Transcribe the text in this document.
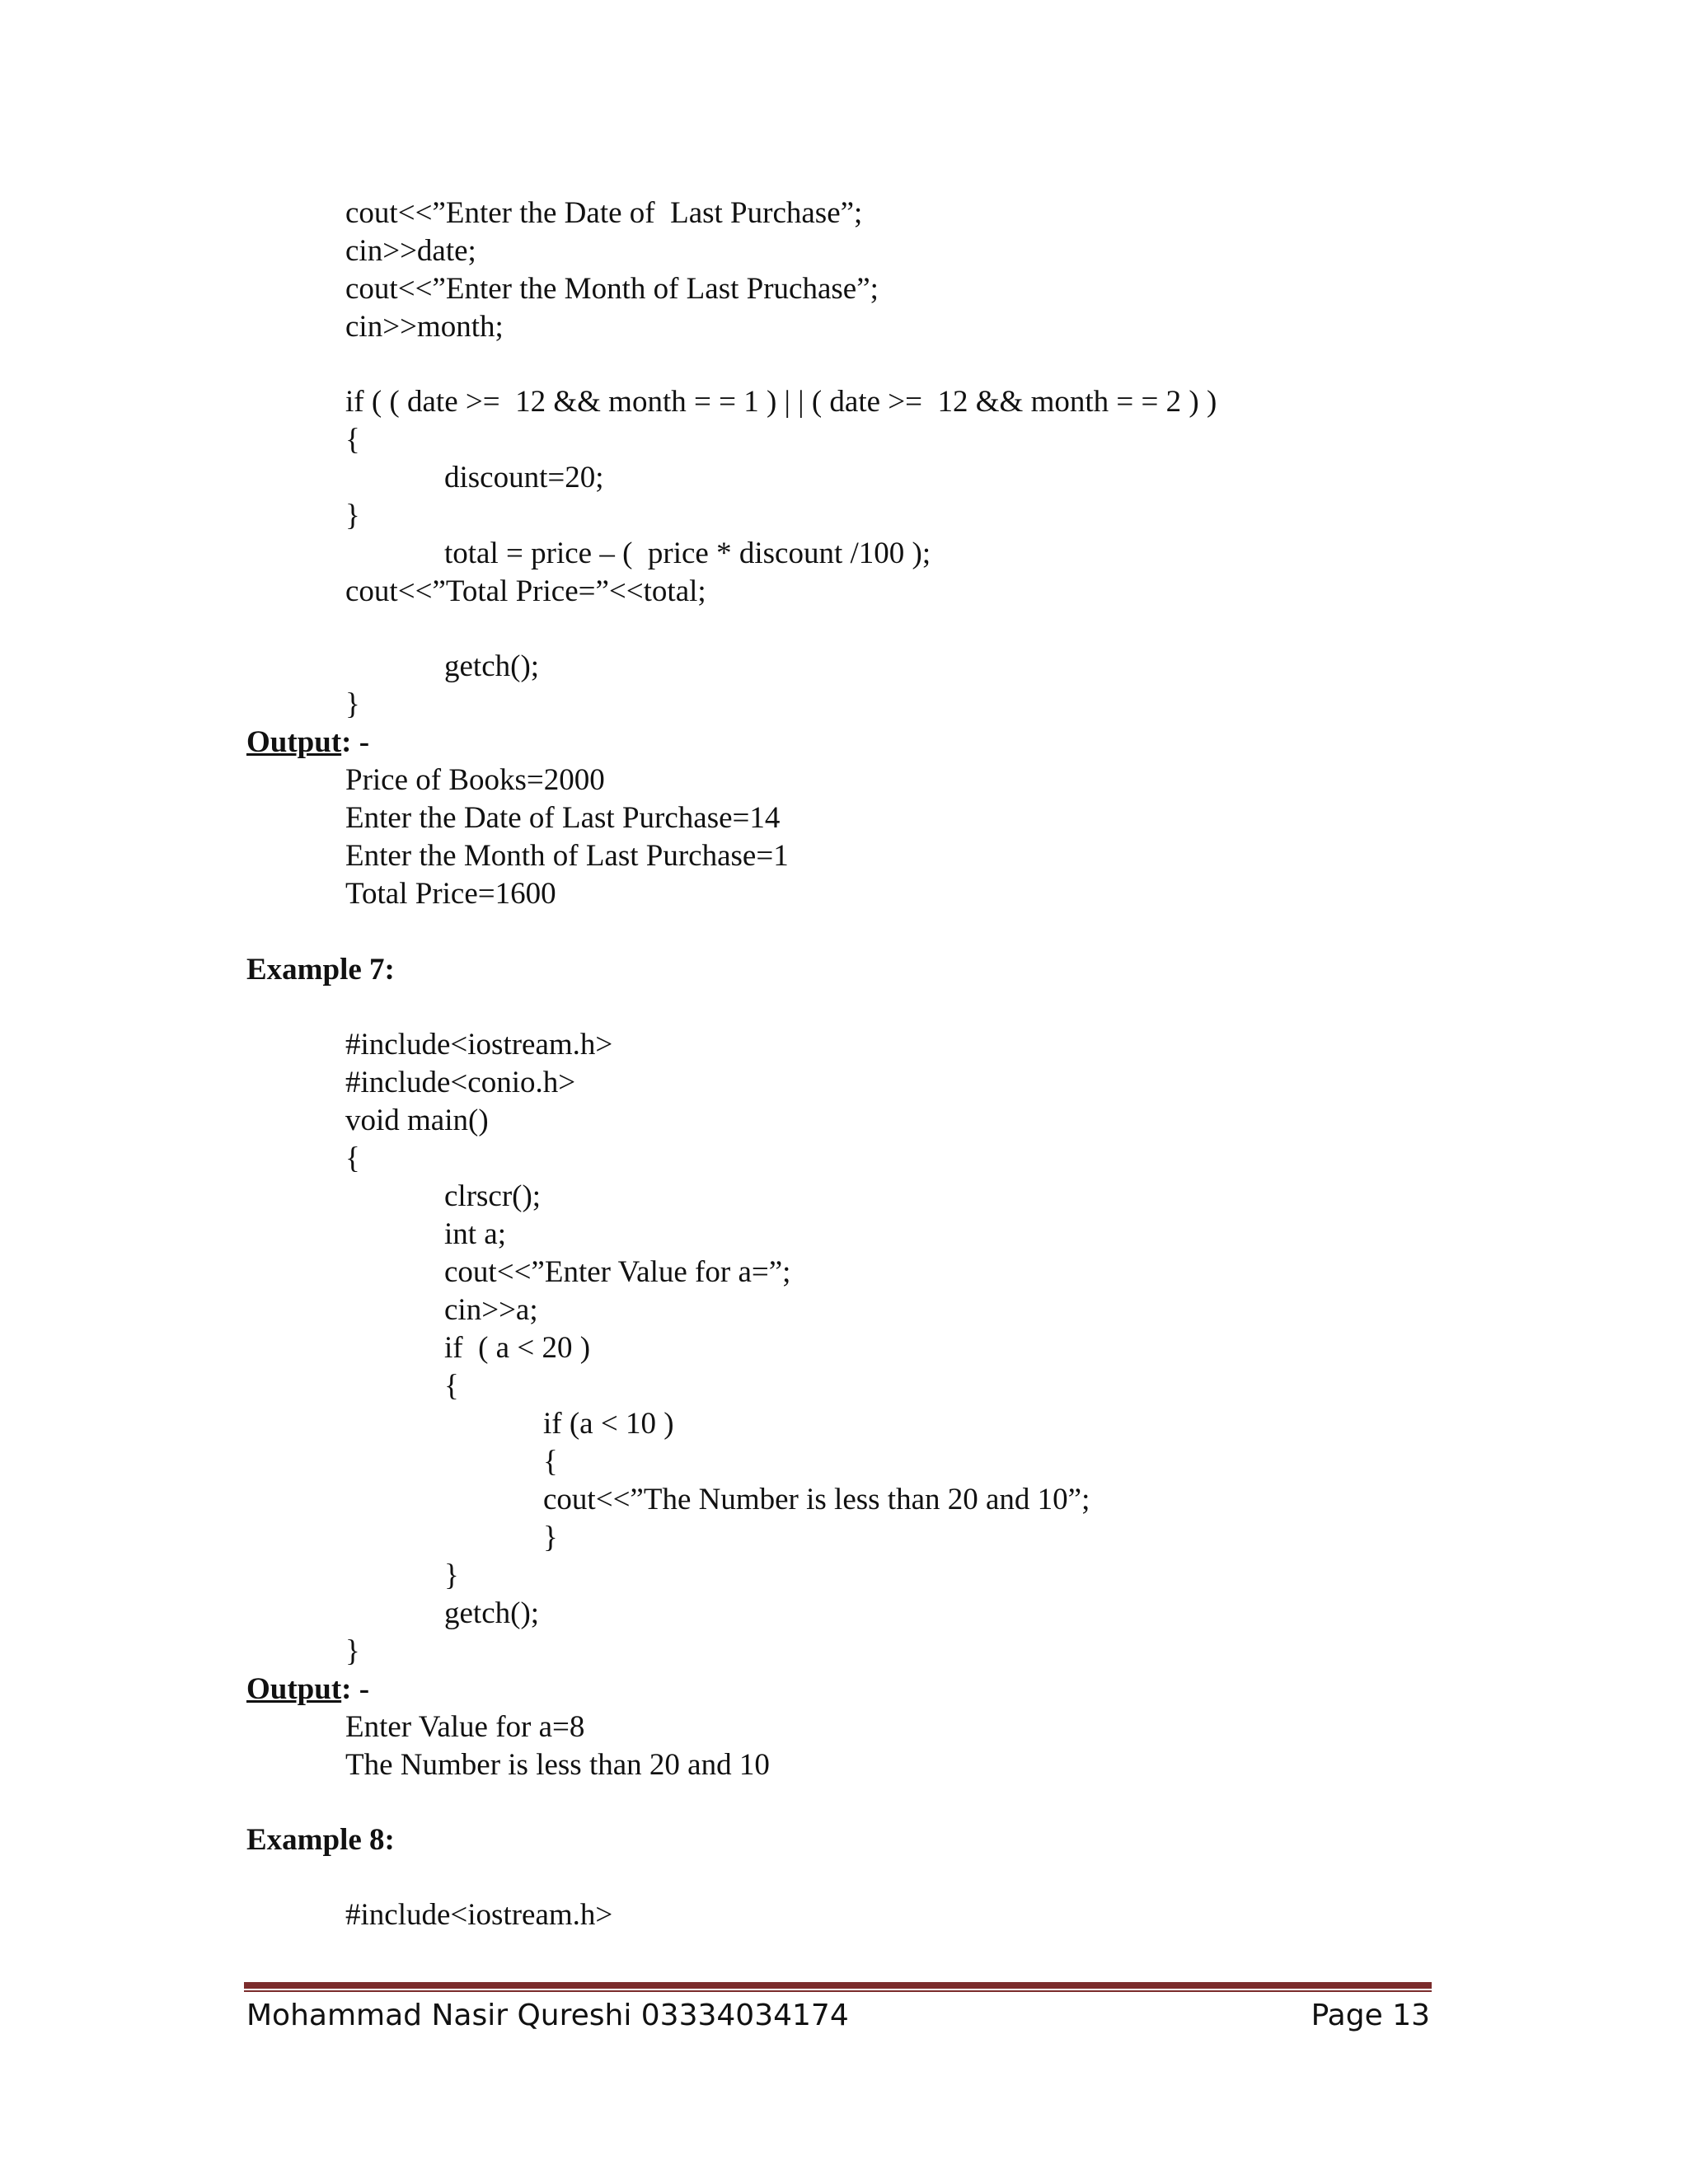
cout<<”Enter the Date of  Last Purchase”;

cin>>date;

cout<<”Enter the Month of Last Pruchase”;

cin>>month;

if ( ( date >=  12 && month = = 1 ) | | ( date >=  12 && month = = 2 ) )

{

discount=20;

}

total = price – (  price * discount /100 );

cout<<”Total Price=”<<total;

getch();

}

Output: -

Price of Books=2000

Enter the Date of Last Purchase=14

Enter the Month of Last Purchase=1

Total Price=1600

Example 7:

#include<iostream.h>

#include<conio.h>

void main()

{

clrscr();

int a;

cout<<”Enter Value for a=”;

cin>>a;

if  ( a < 20 )

{

if (a < 10 )

{

cout<<”The Number is less than 20 and 10”;

}

}

getch();

}

Output: -

Enter Value for a=8

The Number is less than 20 and 10

Example 8:

#include<iostream.h>

Mohammad Nasir Qureshi 03334034174	Page 13
